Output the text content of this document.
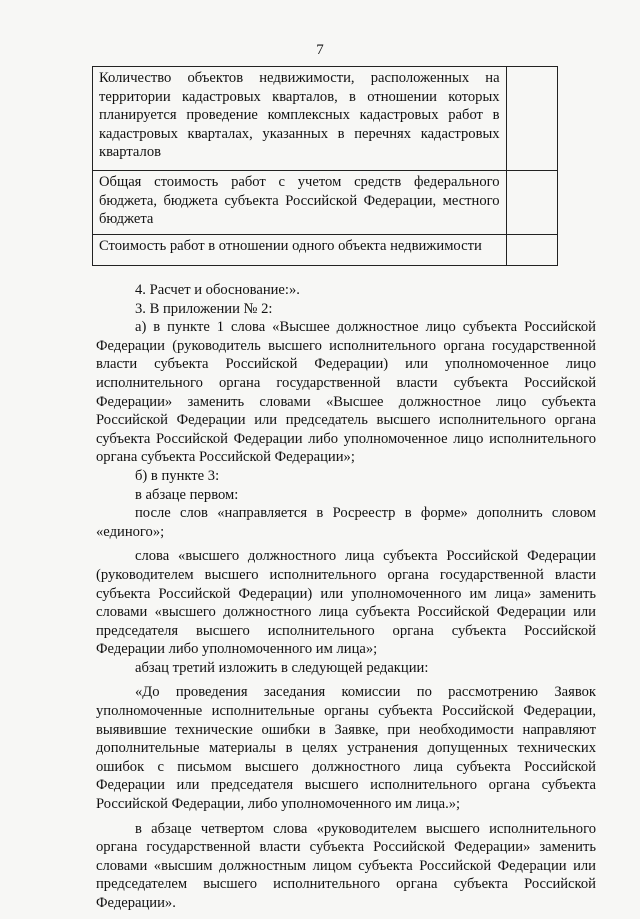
7
Количество объектов недвижимости, расположенных на территории кадастровых кварталов, в отношении которых планируется проведение комплексных кадастровых работ в кадастровых кварталах, указанных в перечнях кадастровых кварталов	
Общая стоимость работ с учетом средств федерального бюджета, бюджета субъекта Российской Федерации, местного бюджета	
Стоимость работ в отношении одного объекта недвижимости	

4. Расчет и обоснование:».

3. В приложении № 2:

а) в пункте 1 слова «Высшее должностное лицо субъекта Российской Федерации (руководитель высшего исполнительного органа государственной власти субъекта Российской Федерации) или уполномоченное лицо исполнительного органа государственной власти субъекта Российской Федерации» заменить словами «Высшее должностное лицо субъекта Российской Федерации или председатель высшего исполнительного органа субъекта Российской Федерации либо уполномоченное лицо исполнительного органа субъекта Российской Федерации»;

б) в пункте 3:

в абзаце первом:

после слов «направляется в Росреестр в форме» дополнить словом «единого»;

слова «высшего должностного лица субъекта Российской Федерации (руководителем высшего исполнительного органа государственной власти субъекта Российской Федерации) или уполномоченного им лица» заменить словами «высшего должностного лица субъекта Российской Федерации или председателя высшего исполнительного органа субъекта Российской Федерации либо уполномоченного им лица»;

абзац третий изложить в следующей редакции:

«До проведения заседания комиссии по рассмотрению Заявок уполномоченные исполнительные органы субъекта Российской Федерации, выявившие технические ошибки в Заявке, при необходимости направляют дополнительные материалы в целях устранения допущенных технических ошибок с письмом высшего должностного лица субъекта Российской Федерации или председателя высшего исполнительного органа субъекта Российской Федерации, либо уполномоченного им лица.»;

в абзаце четвертом слова «руководителем высшего исполнительного органа государственной власти субъекта Российской Федерации» заменить словами «высшим должностным лицом субъекта Российской Федерации или председателем высшего исполнительного органа субъекта Российской Федерации».
